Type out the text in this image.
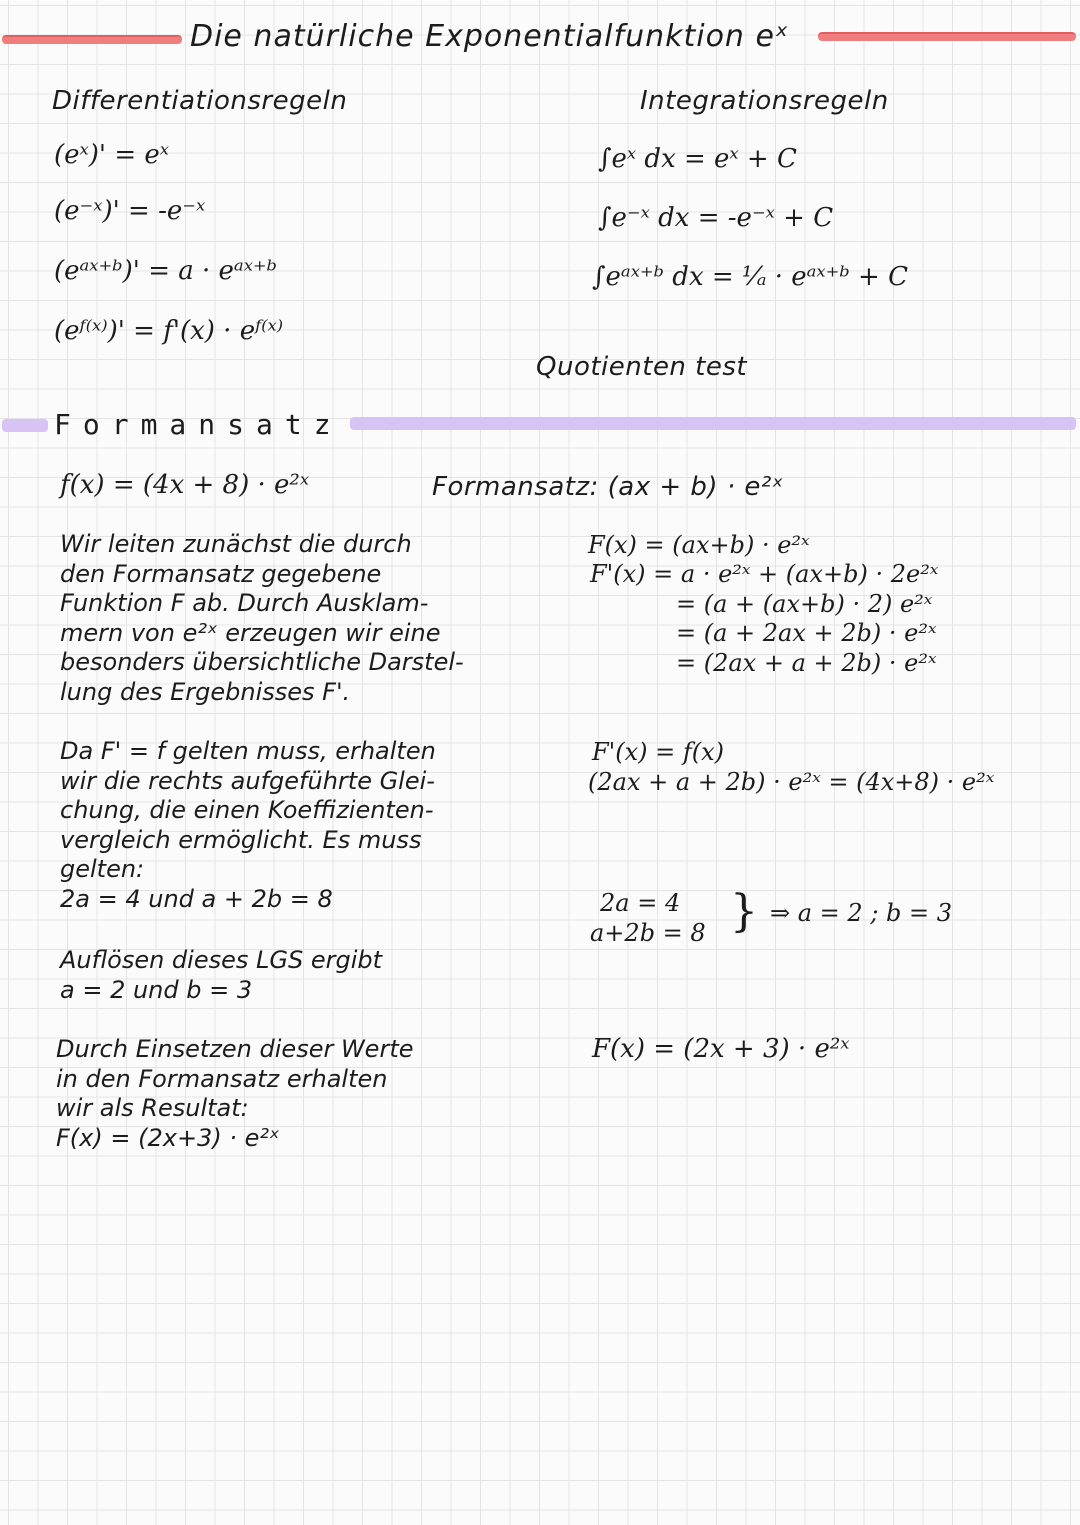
Die natürliche Exponentialfunktion eˣ
Differentiationsregeln
(eˣ)' = eˣ
(e⁻ˣ)' = -e⁻ˣ
(eᵃˣ⁺ᵇ)' = a · eᵃˣ⁺ᵇ
(eᶠ⁽ˣ⁾)' = f'(x) · eᶠ⁽ˣ⁾
Integrationsregeln
∫eˣ dx = eˣ + C
∫e⁻ˣ dx = -e⁻ˣ + C
∫eᵃˣ⁺ᵇ dx = ¹⁄ₐ · eᵃˣ⁺ᵇ + C
Quotienten test
Formansatz
f(x) = (4x + 8) · e²ˣ	Formansatz: (ax + b) · e²ˣ
Wir leiten zunächst die durch
den Formansatz gegebene
Funktion F ab. Durch Ausklam-
mern von e²ˣ erzeugen wir eine
besonders übersichtliche Darstel-
lung des Ergebnisses F'.
F(x) = (ax+b) · e²ˣ
F'(x) = a · e²ˣ + (ax+b) · 2e²ˣ
= (a + (ax+b) · 2) e²ˣ
= (a + 2ax + 2b) · e²ˣ
= (2ax + a + 2b) · e²ˣ
Da F' = f gelten muss, erhalten
wir die rechts aufgeführte Glei-
chung, die einen Koeffizienten-
vergleich ermöglicht. Es muss
gelten:
2a = 4 und a + 2b = 8
F'(x) = f(x)
(2ax + a + 2b) · e²ˣ = (4x+8) · e²ˣ
2a = 4
a+2b = 8 } ⇒ a = 2 ; b = 3
Auflösen dieses LGS ergibt
a = 2 und b = 3
Durch Einsetzen dieser Werte
in den Formansatz erhalten
wir als Resultat:
F(x) = (2x+3) · e²ˣ
F(x) = (2x + 3) · e²ˣ
